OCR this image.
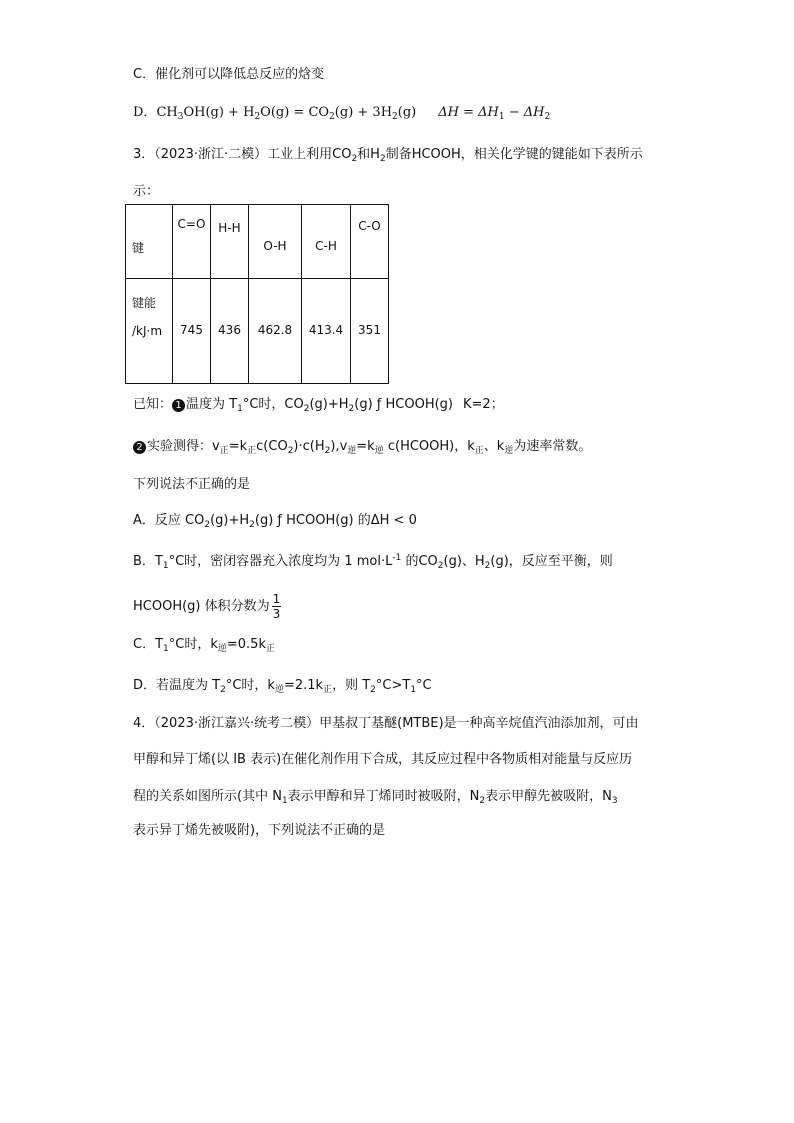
C．催化剂可以降低总反应的焓变
D．$CH_3OH(g) + H_2O(g) = CO_2(g) + 3H_2(g) \Delta H = \Delta H_1 - \Delta H_2$
3．（2023·浙江·二模）工业上利用$CO_2$和$H_2$制备HCOOH，相关化学键的键能如下表所示
示：
键	C=O	H-H	O-H	C-H	C-O

键能
/kJ·m	745	436	462.8	413.4	351
已知： 1 温度为 $T_1^\circ C$时，$CO_2(g)+H_2(g)$ ƒ HCOOH(g) K=2；
2 实验测得：$v_正=k_正c(CO_2)\cdot c(H_2),v_逆=k_逆$ c(HCOOH)，$k_正$、$k_逆$为速率常数。
下列说法不正确的是
A．反应 $CO_2(g)+H_2(g)$ ƒ HCOOH(g) 的ΔH < 0
B．$T_1^\circ C$时，密闭容器充入浓度均为 1 $mol\cdot L^{-1}$ 的$CO_2(g)$、$H_2(g)$，反应至平衡，则
HCOOH(g) 体积分数为 $\frac{1}{3}$
C．$T_1^\circ C$时，$k_逆=0.5k_正$
D．若温度为 $T_2^\circ C$时，$k_逆=2.1k_正$，则 $T_2^\circ C>T_1^\circ C$
4．（2023·浙江嘉兴·统考二模）甲基叔丁基醚(MTBE)是一种高辛烷值汽油添加剂，可由
甲醇和异丁烯(以 IB 表示)在催化剂作用下合成，其反应过程中各物质相对能量与反应历
程的关系如图所示(其中 $N_1$表示甲醇和异丁烯同时被吸附，$N_2$表示甲醇先被吸附，$N_3$
表示异丁烯先被吸附)，下列说法不正确的是
